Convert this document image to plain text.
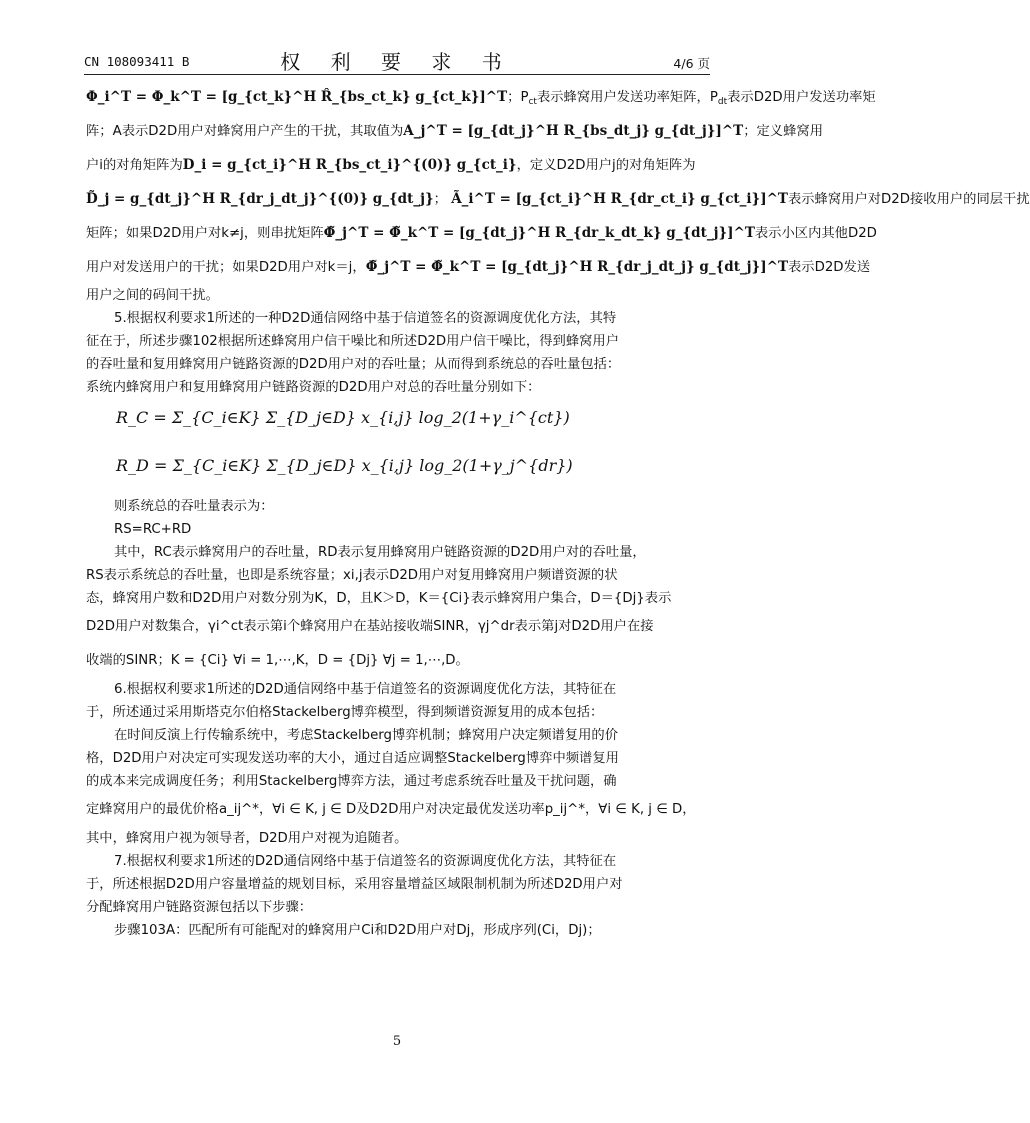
CN 108093411 B	权 利 要 求 书	4/6 页
Φ_i^T = Φ_k^T = [g_{ct_k}^H R̂_{bs_ct_k} g_{ct_k}]^T；$P_{ct}$表示蜂窝用户发送功率矩阵，$P_{dt}$表示D2D用户发送功率矩
阵；A表示D2D用户对蜂窝用户产生的干扰，其取值为A_j^T = [g_{dt_j}^H R_{bs_dt_j} g_{dt_j}]^T；定义蜂窝用
户i的对角矩阵为D_i = g_{ct_i}^H R_{bs_ct_i}^{(0)} g_{ct_i}，定义D2D用户j的对角矩阵为
D̃_j = g_{dt_j}^H R_{dr_j_dt_j}^{(0)} g_{dt_j}； Ã_i^T = [g_{ct_i}^H R_{dr_ct_i} g_{ct_i}]^T表示蜂窝用户对D2D接收用户的同层干扰
矩阵；如果D2D用户对k≠j，则串扰矩阵Φ̃_j^T = Φ̃_k^T = [g_{dt_j}^H R_{dr_k_dt_k} g_{dt_j}]^T表示小区内其他D2D
用户对发送用户的干扰；如果D2D用户对k＝j，Φ̃_j^T = Φ̃_k^T = [g_{dt_j}^H R_{dr_j_dt_j} g_{dt_j}]^T表示D2D发送
用户之间的码间干扰。
5.根据权利要求1所述的一种D2D通信网络中基于信道签名的资源调度优化方法，其特
征在于，所述步骤102根据所述蜂窝用户信干噪比和所述D2D用户信干噪比，得到蜂窝用户
的吞吐量和复用蜂窝用户链路资源的D2D用户对的吞吐量；从而得到系统总的吞吐量包括：
系统内蜂窝用户和复用蜂窝用户链路资源的D2D用户对总的吞吐量分别如下：
R_C = Σ_{C_i∈K} Σ_{D_j∈D} x_{i,j} log_2(1+γ_i^{ct})
R_D = Σ_{C_i∈K} Σ_{D_j∈D} x_{i,j} log_2(1+γ_j^{dr})
则系统总的吞吐量表示为：
RS=RC+RD
其中，RC表示蜂窝用户的吞吐量，RD表示复用蜂窝用户链路资源的D2D用户对的吞吐量，
RS表示系统总的吞吐量，也即是系统容量；xi,j表示D2D用户对复用蜂窝用户频谱资源的状
态，蜂窝用户数和D2D用户对数分别为K，D，且K＞D，K＝{Ci}表示蜂窝用户集合，D＝{Dj}表示
D2D用户对数集合，γi^ct表示第i个蜂窝用户在基站接收端SINR，γj^dr表示第j对D2D用户在接
收端的SINR；K = {Ci} ∀i = 1,⋯,K，D = {Dj} ∀j = 1,⋯,D。
6.根据权利要求1所述的D2D通信网络中基于信道签名的资源调度优化方法，其特征在
于，所述通过采用斯塔克尔伯格Stackelberg博弈模型，得到频谱资源复用的成本包括：
在时间反演上行传输系统中，考虑Stackelberg博弈机制；蜂窝用户决定频谱复用的价
格，D2D用户对决定可实现发送功率的大小，通过自适应调整Stackelberg博弈中频谱复用
的成本来完成调度任务；利用Stackelberg博弈方法，通过考虑系统吞吐量及干扰问题，确
定蜂窝用户的最优价格a_ij^*，∀i ∈ K, j ∈ D及D2D用户对决定最优发送功率p_ij^*，∀i ∈ K, j ∈ D，
其中，蜂窝用户视为领导者，D2D用户对视为追随者。
7.根据权利要求1所述的D2D通信网络中基于信道签名的资源调度优化方法，其特征在
于，所述根据D2D用户容量增益的规划目标，采用容量增益区域限制机制为所述D2D用户对
分配蜂窝用户链路资源包括以下步骤：
步骤103A：匹配所有可能配对的蜂窝用户Ci和D2D用户对Dj，形成序列(Ci，Dj)；
5
